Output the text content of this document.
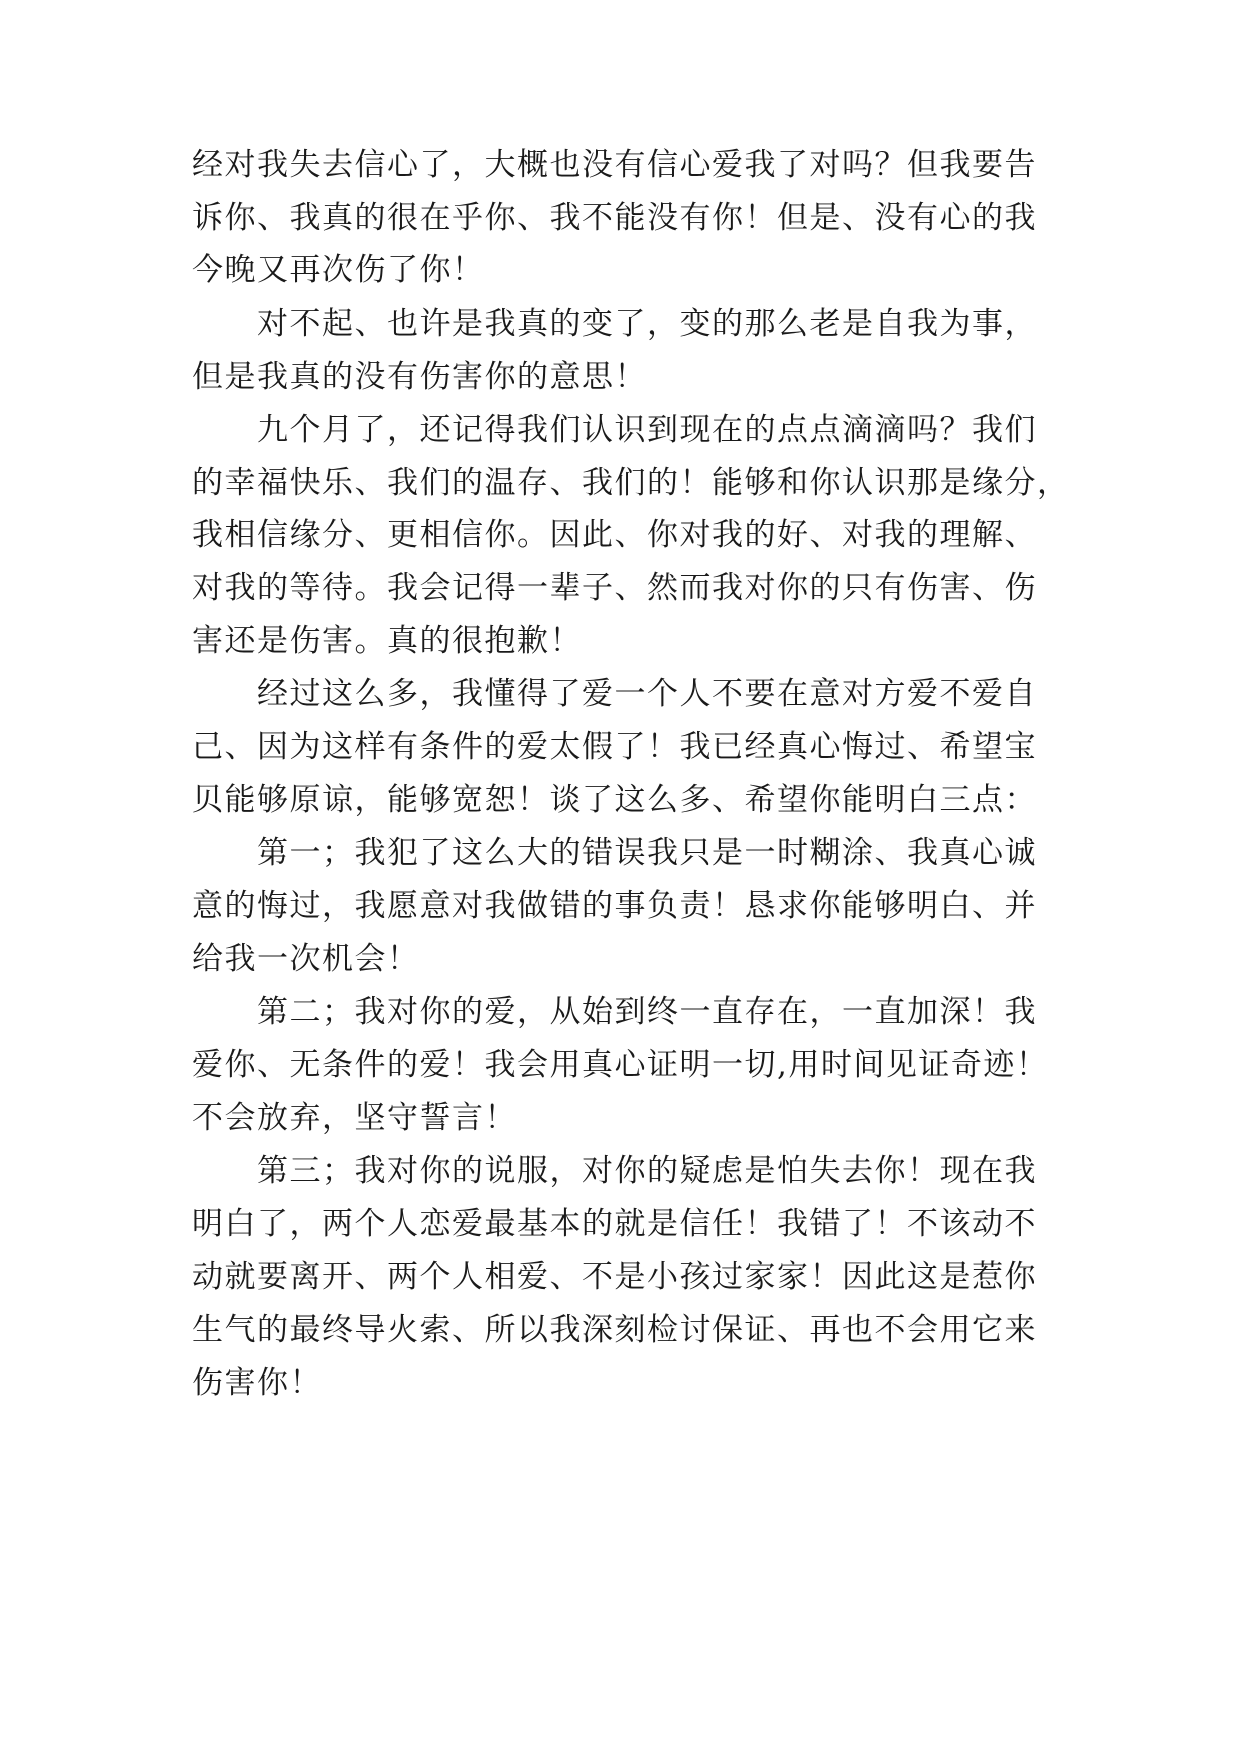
经对我失去信心了，大概也没有信心爱我了对吗？但我要告

诉你、我真的很在乎你、我不能没有你！但是、没有心的我

今晚又再次伤了你！

对不起、也许是我真的变了，变的那么老是自我为事，

但是我真的没有伤害你的意思！

九个月了，还记得我们认识到现在的点点滴滴吗？我们

的幸福快乐、我们的温存、我们的！能够和你认识那是缘分，

我相信缘分、更相信你。因此、你对我的好、对我的理解、

对我的等待。我会记得一辈子、然而我对你的只有伤害、伤

害还是伤害。真的很抱歉！

经过这么多，我懂得了爱一个人不要在意对方爱不爱自

己、因为这样有条件的爱太假了！我已经真心悔过、希望宝

贝能够原谅，能够宽恕！谈了这么多、希望你能明白三点：

第一；我犯了这么大的错误我只是一时糊涂、我真心诚

意的悔过，我愿意对我做错的事负责！恳求你能够明白、并

给我一次机会！

第二；我对你的爱，从始到终一直存在，一直加深！我

爱你、无条件的爱！我会用真心证明一切,用时间见证奇迹！

不会放弃，坚守誓言！

第三；我对你的说服，对你的疑虑是怕失去你！现在我

明白了，两个人恋爱最基本的就是信任！我错了！不该动不

动就要离开、两个人相爱、不是小孩过家家！因此这是惹你

生气的最终导火索、所以我深刻检讨保证、再也不会用它来

伤害你！
